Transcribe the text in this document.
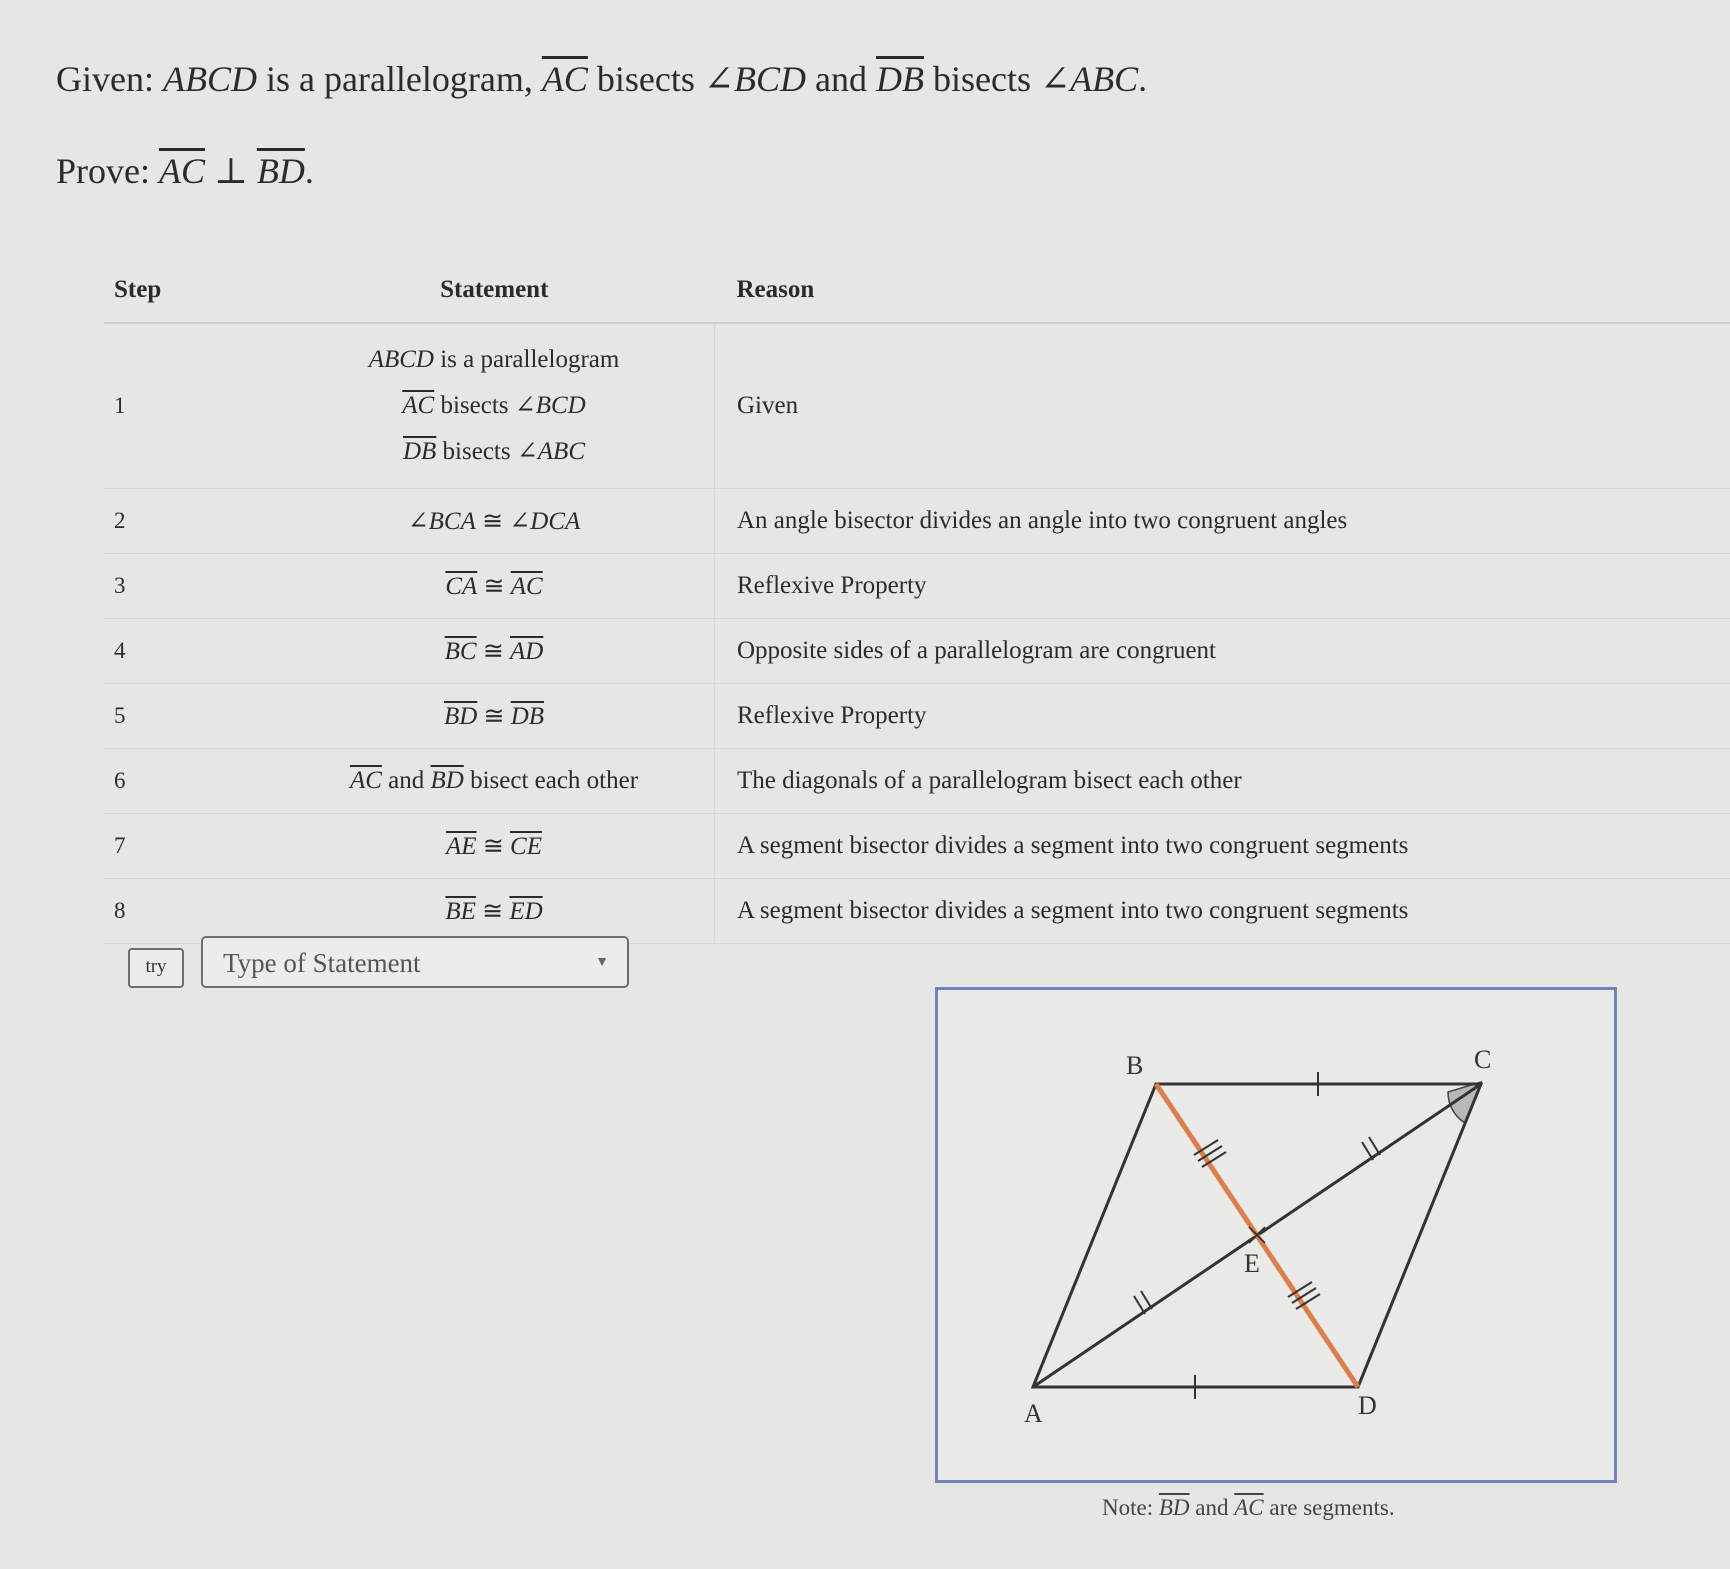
Given: ABCD is a parallelogram, $\overline{AC}$ bisects ∠BCD and $\overline{DB}$ bisects ∠ABC.
Prove: $\overline{AC}$ ⊥ $\overline{BD}$.
Step	Statement	Reason
1	ABCD is a parallelogram
$\overline{AC}$ bisects ∠BCD
$\overline{DB}$ bisects ∠ABC	Given
2	∠BCA ≅ ∠DCA	An angle bisector divides an angle into two congruent angles
3	$\overline{CA}$ ≅ $\overline{AC}$	Reflexive Property
4	$\overline{BC}$ ≅ $\overline{AD}$	Opposite sides of a parallelogram are congruent
5	$\overline{BD}$ ≅ $\overline{DB}$	Reflexive Property
6	$\overline{AC}$ and $\overline{BD}$ bisect each other	The diagonals of a parallelogram bisect each other
7	$\overline{AE}$ ≅ $\overline{CE}$	A segment bisector divides a segment into two congruent segments
8	$\overline{BE}$ ≅ $\overline{ED}$	A segment bisector divides a segment into two congruent segments
try	Type of Statement	▼
B	C
A	D
E
Note: $\overline{BD}$ and $\overline{AC}$ are segments.
